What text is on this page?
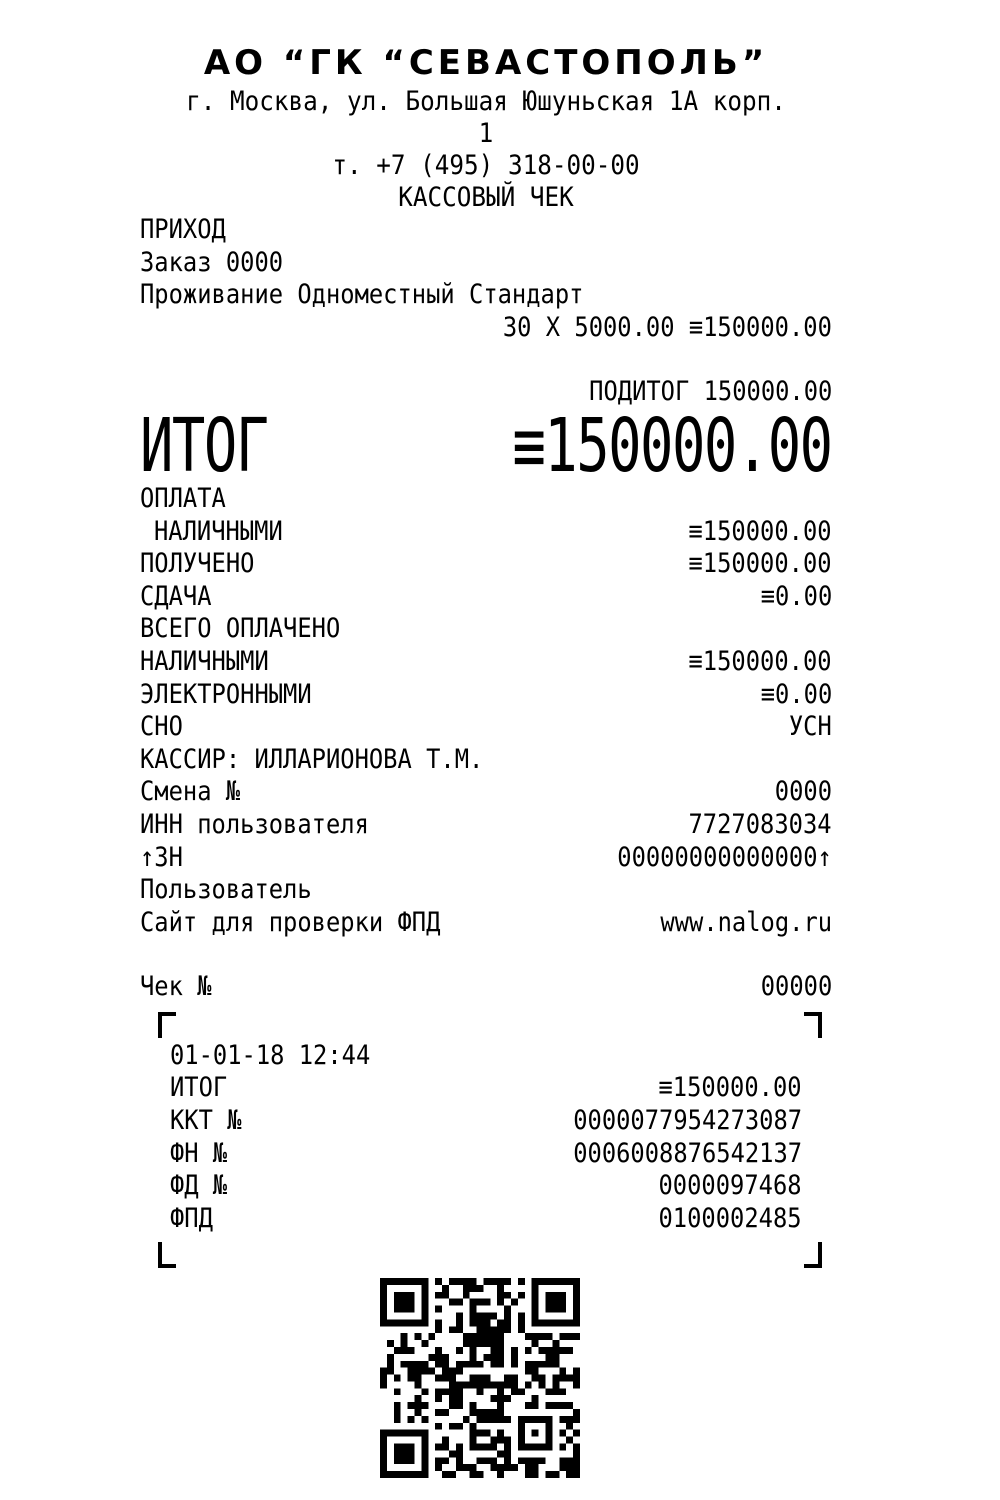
АО “ГК “СЕВАСТОПОЛЬ”
г. Москва, ул. Большая Юшуньская 1А корп. 1
т. +7 (495) 318-00-00
КАССОВЫЙ ЧЕК
ПРИХОД
Заказ 0000
Проживание Одноместный Стандарт
30 X 5000.00 ≡150000.00
ПОДИТОГ 150000.00
ИТОГ	≡150000.00
ОПЛАТА
НАЛИЧНЫМИ	≡150000.00
ПОЛУЧЕНО	≡150000.00
СДАЧА	≡0.00
ВСЕГО ОПЛАЧЕНО
НАЛИЧНЫМИ	≡150000.00
ЭЛЕКТРОННЫМИ	≡0.00
СНО	УСН
КАССИР: ИЛЛАРИОНОВА Т.М.
Смена №	0000
ИНН пользователя	7727083034
↑ЗН	00000000000000↑
Пользователь
Сайт для проверки ФПД	www.nalog.ru
Чек №	00000
01-01-18 12:44
ИТОГ	≡150000.00
ККТ №	0000077954273087
ФН №	0006008876542137
ФД №	0000097468
ФПД	0100002485
